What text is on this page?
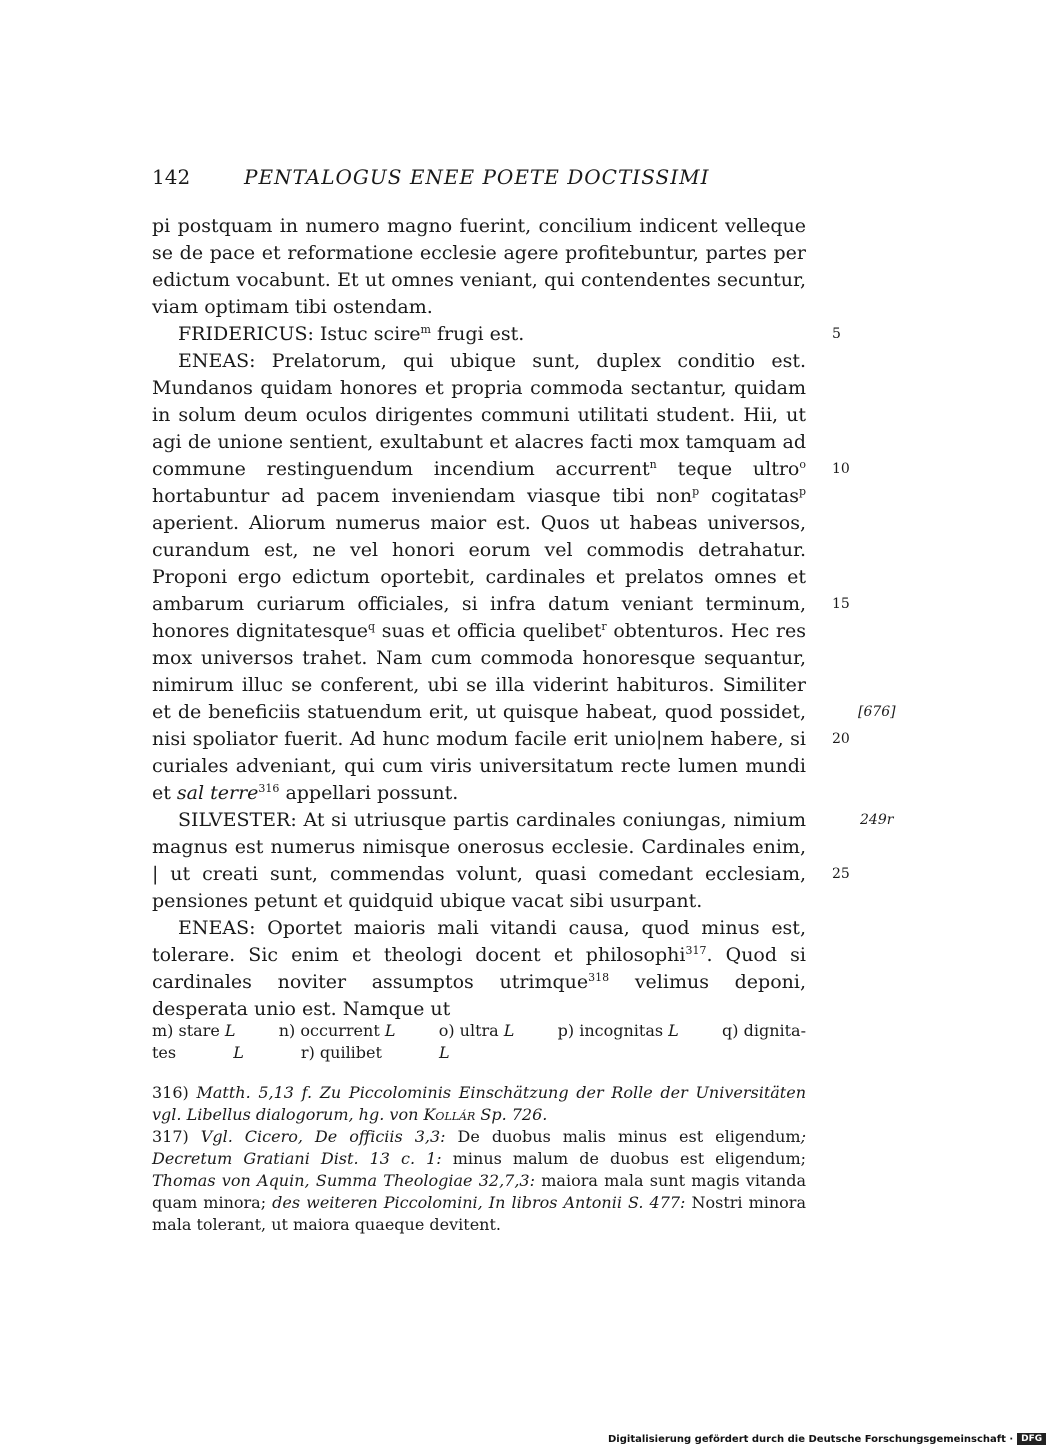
142	PENTALOGUS ENEE POETE DOCTISSIMI

pi postquam in numero magno fuerint, concilium indicent velleque se de pace et reformatione ecclesie agere profitebuntur, partes per edictum vocabunt. Et ut omnes veniant, qui contendentes secuntur, viam optimam tibi ostendam.

FRIDERICUS: Istuc scire$^m$ frugi est.

ENEAS: Prelatorum, qui ubique sunt, duplex conditio est. Mundanos quidam honores et propria commoda sectantur, quidam in solum deum oculos dirigentes communi utilitati student. Hii, ut agi de unione sentient, exultabunt et alacres facti mox tamquam ad commune restinguendum incendium accurrent$^n$ teque ultro$^o$ hortabuntur ad pacem inveniendam viasque tibi non$^p$ cogitatas$^p$ aperient. Aliorum numerus maior est. Quos ut habeas universos, curandum est, ne vel honori eorum vel commodis detrahatur. Proponi ergo edictum oportebit, cardinales et prelatos omnes et ambarum curiarum officiales, si infra datum veniant terminum, honores dignitatesque$^q$ suas et officia quelibet$^r$ obtenturos. Hec res mox universos trahet. Nam cum commoda honoresque sequantur, nimirum illuc se conferent, ubi se illa viderint habituros. Similiter et de beneficiis statuendum erit, ut quisque habeat, quod possidet, nisi spoliator fuerit. Ad hunc modum facile erit unio|nem habere, si curiales adveniant, qui cum viris universitatum recte lumen mundi et sal terre$^{316}$ appellari possunt.

SILVESTER: At si utriusque partis cardinales coniungas, nimium magnus est numerus nimisque onerosus ecclesie. Cardinales enim, | ut creati sunt, commendas volunt, quasi comedant ecclesiam, pensiones petunt et quidquid ubique vacat sibi usurpant.

ENEAS: Oportet maioris mali vitandi causa, quod minus est, tolerare. Sic enim et theologi docent et philosophi$^{317}$. Quod si cardinales noviter assumptos utrimque$^{318}$ velimus deponi, desperata unio est. Namque ut

5
10
15
20
25
[676]
249r
m) stare L	n) occurrent L	o) ultra L	p) incognitas L	q) dignita-
tes	L	r) quilibet	L

316) Matth. 5,13 f. Zu Piccolominis Einschätzung der Rolle der Universitäten vgl. Libellus dialogorum, hg. von Kollár Sp. 726.

317) Vgl. Cicero, De officiis 3,3: De duobus malis minus est eligendum; Decretum Gratiani Dist. 13 c. 1: minus malum de duobus est eligendum; Thomas von Aquin, Summa Theologiae 32,7,3: maiora mala sunt magis vitanda quam minora; des weiteren Piccolomini, In libros Antonii S. 477: Nostri minora mala tolerant, ut maiora quaeque devitent.

Digitalisierung gefördert durch die Deutsche Forschungsgemeinschaft · DFG
